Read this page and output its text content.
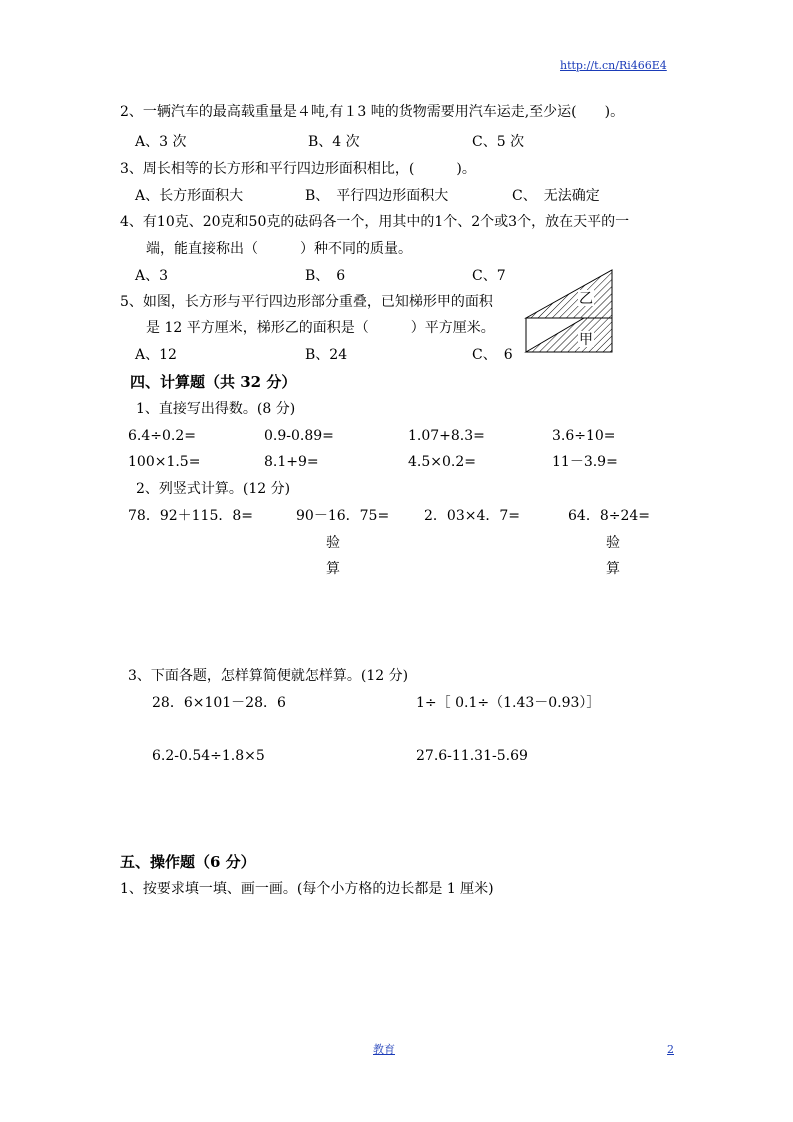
http://t.cn/Ri466E4
2、一辆汽车的最高载重量是４吨,有１3 吨的货物需要用汽车运走,至少运(　　)。
A、3 次	B、4 次	C、5 次
3、周长相等的长方形和平行四边形面积相比，(　　　)。
A、长方形面积大	B、　平行四边形面积大	C、　无法确定
4、有10克、20克和50克的砝码各一个，用其中的1个、2个或3个，放在天平的一
端，能直接称出（　　　）种不同的质量。
A、3	B、　6	C、7
5、如图，长方形与平行四边形部分重叠，已知梯形甲的面积
是 12 平方厘米，梯形乙的面积是（　　　）平方厘米。
A、12	B、24	C、　6
乙
甲
四、计算题（共 32 分）
1、直接写出得数。(8 分)
6.4÷0.2=	0.9-0.89=	1.07+8.3=	3.6÷10=
100×1.5=	8.1+9=	4.5×0.2=	11－3.9=
2、列竖式计算。(12 分)
78．92＋115．8=	90－16．75= 2．03×4．7=	64．8÷24=
验
算
验
算
3、下面各题，怎样算简便就怎样算。(12 分)
28．6×101－28．6	1÷［ 0.1÷（1.43－0.93）］
6.2-0.54÷1.8×5	27.6-11.31-5.69
五、操作题（6 分）
1、按要求填一填、画一画。(每个小方格的边长都是 1 厘米)
教育	2
